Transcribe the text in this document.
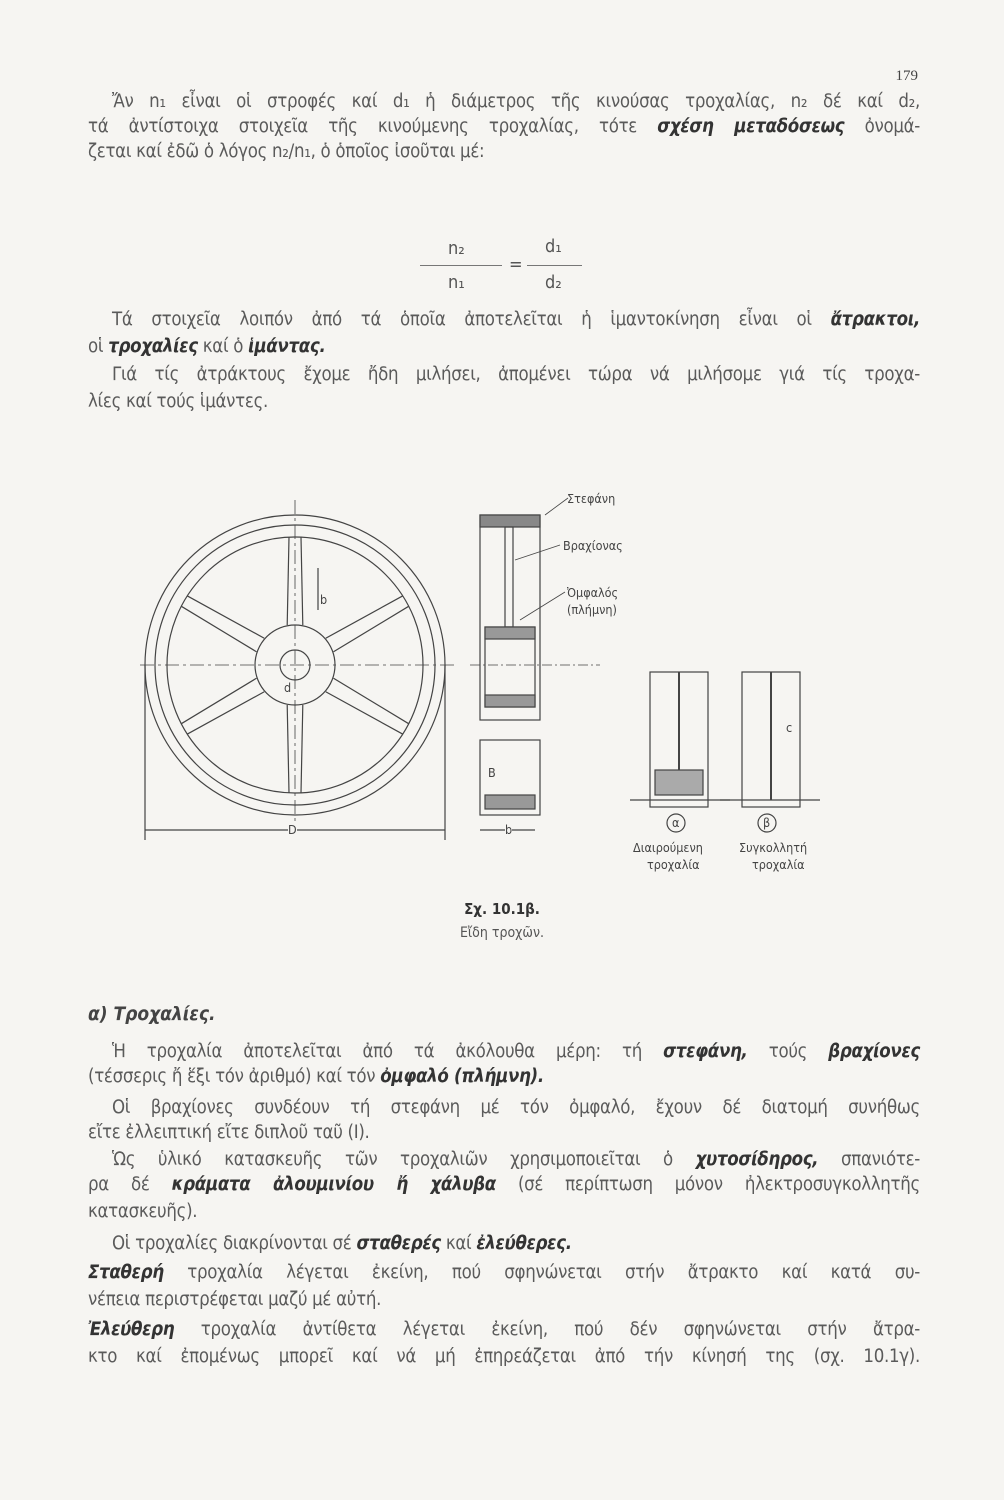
179
Ἄν n₁ εἶναι οἱ στροφές καί d₁ ἡ διάμετρος τῆς κινούσας τροχαλίας, n₂ δέ καί d₂,
τά ἀντίστοιχα στοιχεῖα τῆς κινούμενης τροχαλίας, τότε σχέση μεταδόσεως ὀνομά-
ζεται καί ἐδῶ ὁ λόγος n₂/n₁, ὁ ὁποῖος ἰσοῦται μέ:
n₂
n₁
=
d₁
d₂
Τά στοιχεῖα λοιπόν ἀπό τά ὁποῖα ἀποτελεῖται ἡ ἱμαντοκίνηση εἶναι οἱ ἄτρακτοι,
οἱ τροχαλίες καί ὁ ἱμάντας.
Γιά τίς ἀτράκτους ἔχομε ἤδη μιλήσει, ἀπομένει τώρα νά μιλήσομε γιά τίς τροχα-
λίες καί τούς ἱμάντες.
Στεφάνη
Βραχίονας
Ὀμφαλός
(πλήμνη)
D
d
b
b
B
c
α	β
Διαιρούμενη
τροχαλία
Συγκολλητή
τροχαλία
Σχ. 10.1β.
Εἴδη τροχῶν.
α) Τροχαλίες.
Ἡ τροχαλία ἀποτελεῖται ἀπό τά ἀκόλουθα μέρη: τή στεφάνη, τούς βραχίονες
(τέσσερις ἤ ἕξι τόν ἀριθμό) καί τόν ὀμφαλό (πλήμνη).
Οἱ βραχίονες συνδέουν τή στεφάνη μέ τόν ὀμφαλό, ἔχουν δέ διατομή συνήθως
εἴτε ἐλλειπτική εἴτε διπλοῦ ταῦ (I).
Ὡς ὑλικό κατασκευῆς τῶν τροχαλιῶν χρησιμοποιεῖται ὁ χυτοσίδηρος, σπανιότε-
ρα δέ κράματα ἀλουμινίου ἤ χάλυβα (σέ περίπτωση μόνον ἠλεκτροσυγκολλητῆς
κατασκευῆς).
Οἱ τροχαλίες διακρίνονται σέ σταθερές καί ἐλεύθερες.
Σταθερή τροχαλία λέγεται ἐκείνη, πού σφηνώνεται στήν ἄτρακτο καί κατά συ-
νέπεια περιστρέφεται μαζύ μέ αὐτή.
Ἐλεύθερη τροχαλία ἀντίθετα λέγεται ἐκείνη, πού δέν σφηνώνεται στήν ἄτρα-
κτο καί ἐπομένως μπορεῖ καί νά μή ἐπηρεάζεται ἀπό τήν κίνησή της (σχ. 10.1γ).
